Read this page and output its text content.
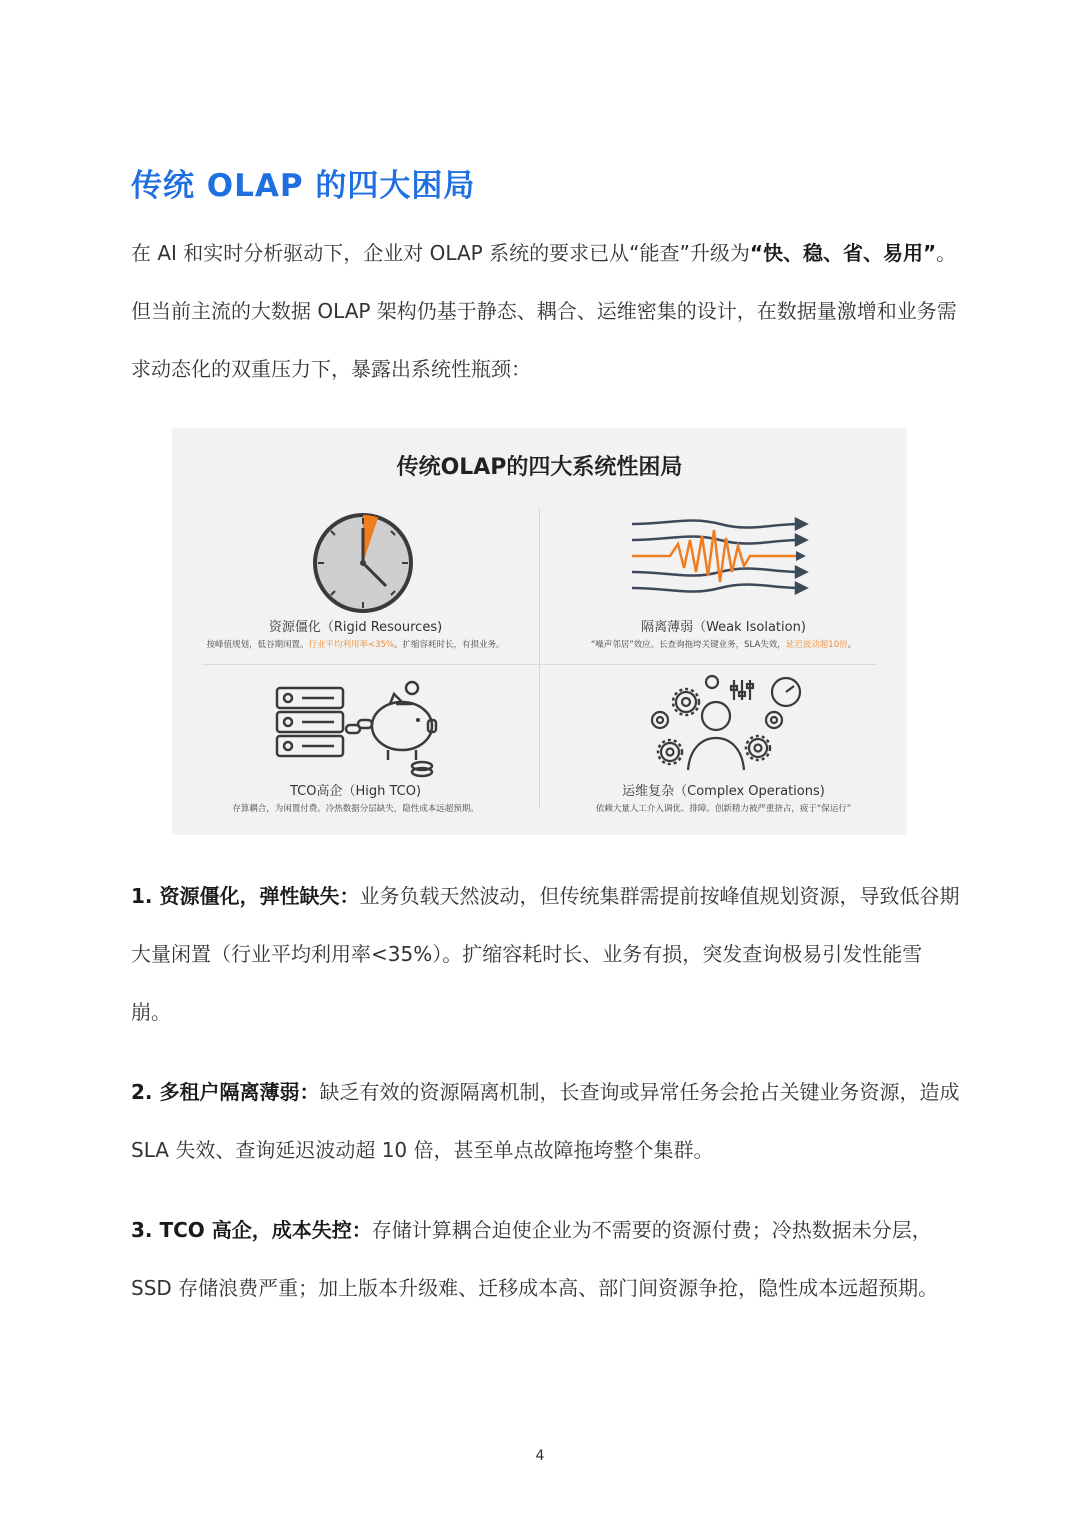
传统 OLAP 的四大困局

在 AI 和实时分析驱动下，企业对 OLAP 系统的要求已从“能查”升级为“快、稳、省、易用”。但当前主流的大数据 OLAP 架构仍基于静态、耦合、运维密集的设计，在数据量激增和业务需求动态化的双重压力下，暴露出系统性瓶颈：

传统OLAP的四大系统性困局
资源僵化（Rigid Resources)
按峰值规划，低谷期闲置。行业平均利用率<35%。扩缩容耗时长，有损业务。
隔离薄弱（Weak Isolation)
“噪声邻居”效应。长查询拖垮关键业务，SLA失效，延迟波动超10倍。
TCO高企（High TCO)
存算耦合，为闲置付费。冷热数据分层缺失，隐性成本远超预期。
运维复杂（Complex Operations)
依赖大量人工介入调优、排障。创新精力被严重挤占，疲于“保运行”

1. 资源僵化，弹性缺失：业务负载天然波动，但传统集群需提前按峰值规划资源，导致低谷期大量闲置（行业平均利用率<35%）。扩缩容耗时长、业务有损，突发查询极易引发性能雪崩。

2. 多租户隔离薄弱：缺乏有效的资源隔离机制，长查询或异常任务会抢占关键业务资源，造成 SLA 失效、查询延迟波动超 10 倍，甚至单点故障拖垮整个集群。

3. TCO 高企，成本失控：存储计算耦合迫使企业为不需要的资源付费；冷热数据未分层，SSD 存储浪费严重；加上版本升级难、迁移成本高、部门间资源争抢，隐性成本远超预期。

4
